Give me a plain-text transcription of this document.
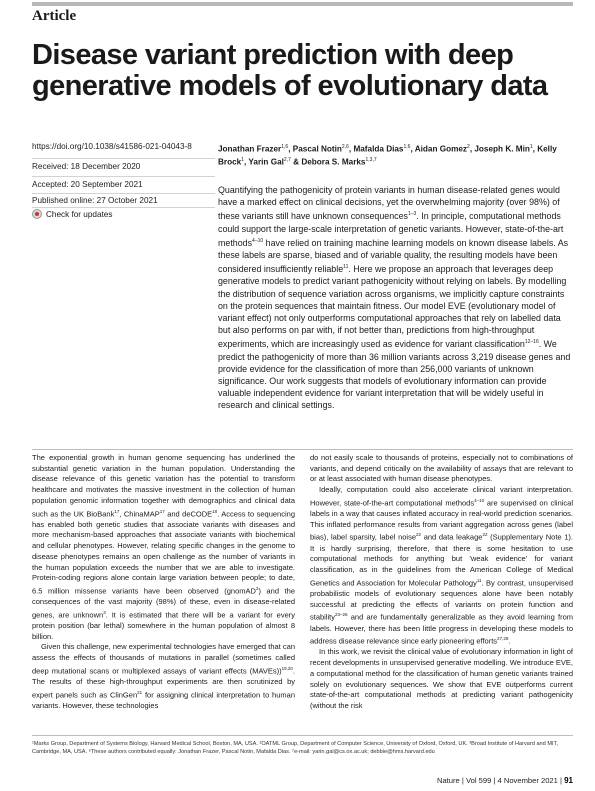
Article
Disease variant prediction with deep generative models of evolutionary data
https://doi.org/10.1038/s41586-021-04043-8
Received: 18 December 2020
Accepted: 20 September 2021
Published online: 27 October 2021
Check for updates
Jonathan Frazer$^{1,6}$, Pascal Notin$^{2,6}$, Mafalda Dias$^{1,6}$, Aidan Gomez$^2$, Joseph K. Min$^1$, Kelly Brock$^1$, Yarin Gal$^{2,7}$ & Debora S. Marks$^{1,3,7}$
Quantifying the pathogenicity of protein variants in human disease-related genes would have a marked effect on clinical decisions, yet the overwhelming majority (over 98%) of these variants still have unknown consequences$^{1-3}$. In principle, computational methods could support the large-scale interpretation of genetic variants. However, state-of-the-art methods$^{4-10}$ have relied on training machine learning models on known disease labels. As these labels are sparse, biased and of variable quality, the resulting models have been considered insufficiently reliable$^{11}$. Here we propose an approach that leverages deep generative models to predict variant pathogenicity without relying on labels. By modelling the distribution of sequence variation across organisms, we implicitly capture constraints on the protein sequences that maintain fitness. Our model EVE (evolutionary model of variant effect) not only outperforms computational approaches that rely on labelled data but also performs on par with, if not better than, predictions from high-throughput experiments, which are increasingly used as evidence for variant classification$^{12-16}$. We predict the pathogenicity of more than 36 million variants across 3,219 disease genes and provide evidence for the classification of more than 256,000 variants of unknown significance. Our work suggests that models of evolutionary information can provide valuable independent evidence for variant interpretation that will be widely useful in research and clinical settings.

The exponential growth in human genome sequencing has underlined the substantial genetic variation in the human population. Understanding the disease relevance of this genetic variation has the potential to transform healthcare and motivates the massive investment in the collection of human population genomic information together with demographics and clinical data such as the UK BioBank$^{17}$, ChinaMAP$^{17}$ and deCODE$^{18}$. Access to sequencing has enabled both genetic studies that associate variants with diseases and more mechanism-based approaches that associate variants with biochemical and cellular phenotypes. However, relating specific changes in the genome to disease phenotypes remains an open challenge as the number of variants in the human population exceeds the number that we are able to investigate. Protein-coding regions alone contain large variation between people; to date, 6.5 million missense variants have been observed (gnomAD$^2$) and the consequences of the vast majority (98%) of these, even in disease-related genes, are unknown$^3$. It is estimated that there will be a variant for every protein position (bar lethal) somewhere in the human population of almost 8 billion.

Given this challenge, new experimental technologies have emerged that can assess the effects of thousands of mutations in parallel (sometimes called deep mutational scans or multiplexed assays of variant effects (MAVEs))$^{19,20}$. The results of these high-throughput experiments are then scrutinized by expert panels such as ClinGen$^{21}$ for assigning clinical interpretation to human variants. However, these technologies

do not easily scale to thousands of proteins, especially not to combinations of variants, and depend critically on the availability of assays that are relevant to or at least associated with human disease phenotypes.

Ideally, computation could also accelerate clinical variant interpretation. However, state-of-the-art computational methods$^{4-10}$ are supervised on clinical labels in a way that causes inflated accuracy in real-world prediction scenarios. This inflated performance results from variant aggregation across genes (label bias), label sparsity, label noise$^{22}$ and data leakage$^{22}$ (Supplementary Note 1). It is hardly surprising, therefore, that there is some hesitation to use computational methods for anything but 'weak evidence' for variant classification, as in the guidelines from the American College of Medical Genetics and Association for Molecular Pathology$^{11}$. By contrast, unsupervised probabilistic models of evolutionary sequences alone have been notably successful at predicting the effects of variants on protein function and stability$^{23-26}$ and are fundamentally generalizable as they avoid learning from labels. However, there has been little progress in developing these models to address disease relevance since early pioneering efforts$^{27,28}$.

In this work, we revisit the clinical value of evolutionary information in light of recent developments in unsupervised generative modelling. We introduce EVE, a computational method for the classification of human genetic variants trained solely on evolutionary sequences. We show that EVE outperforms current state-of-the-art computational methods at predicting variant pathogenicity (without the risk

¹Marks Group, Department of Systems Biology, Harvard Medical School, Boston, MA, USA. ²OATML Group, Department of Computer Science, University of Oxford, Oxford, UK. ³Broad Institute of Harvard and MIT, Cambridge, MA, USA. ⁶These authors contributed equally: Jonathan Frazer, Pascal Notin, Mafalda Dias. ⁷e-mail: yarin.gal@cs.ox.ac.uk; debbie@hms.harvard.edu
Nature | Vol 599 | 4 November 2021 | 91
